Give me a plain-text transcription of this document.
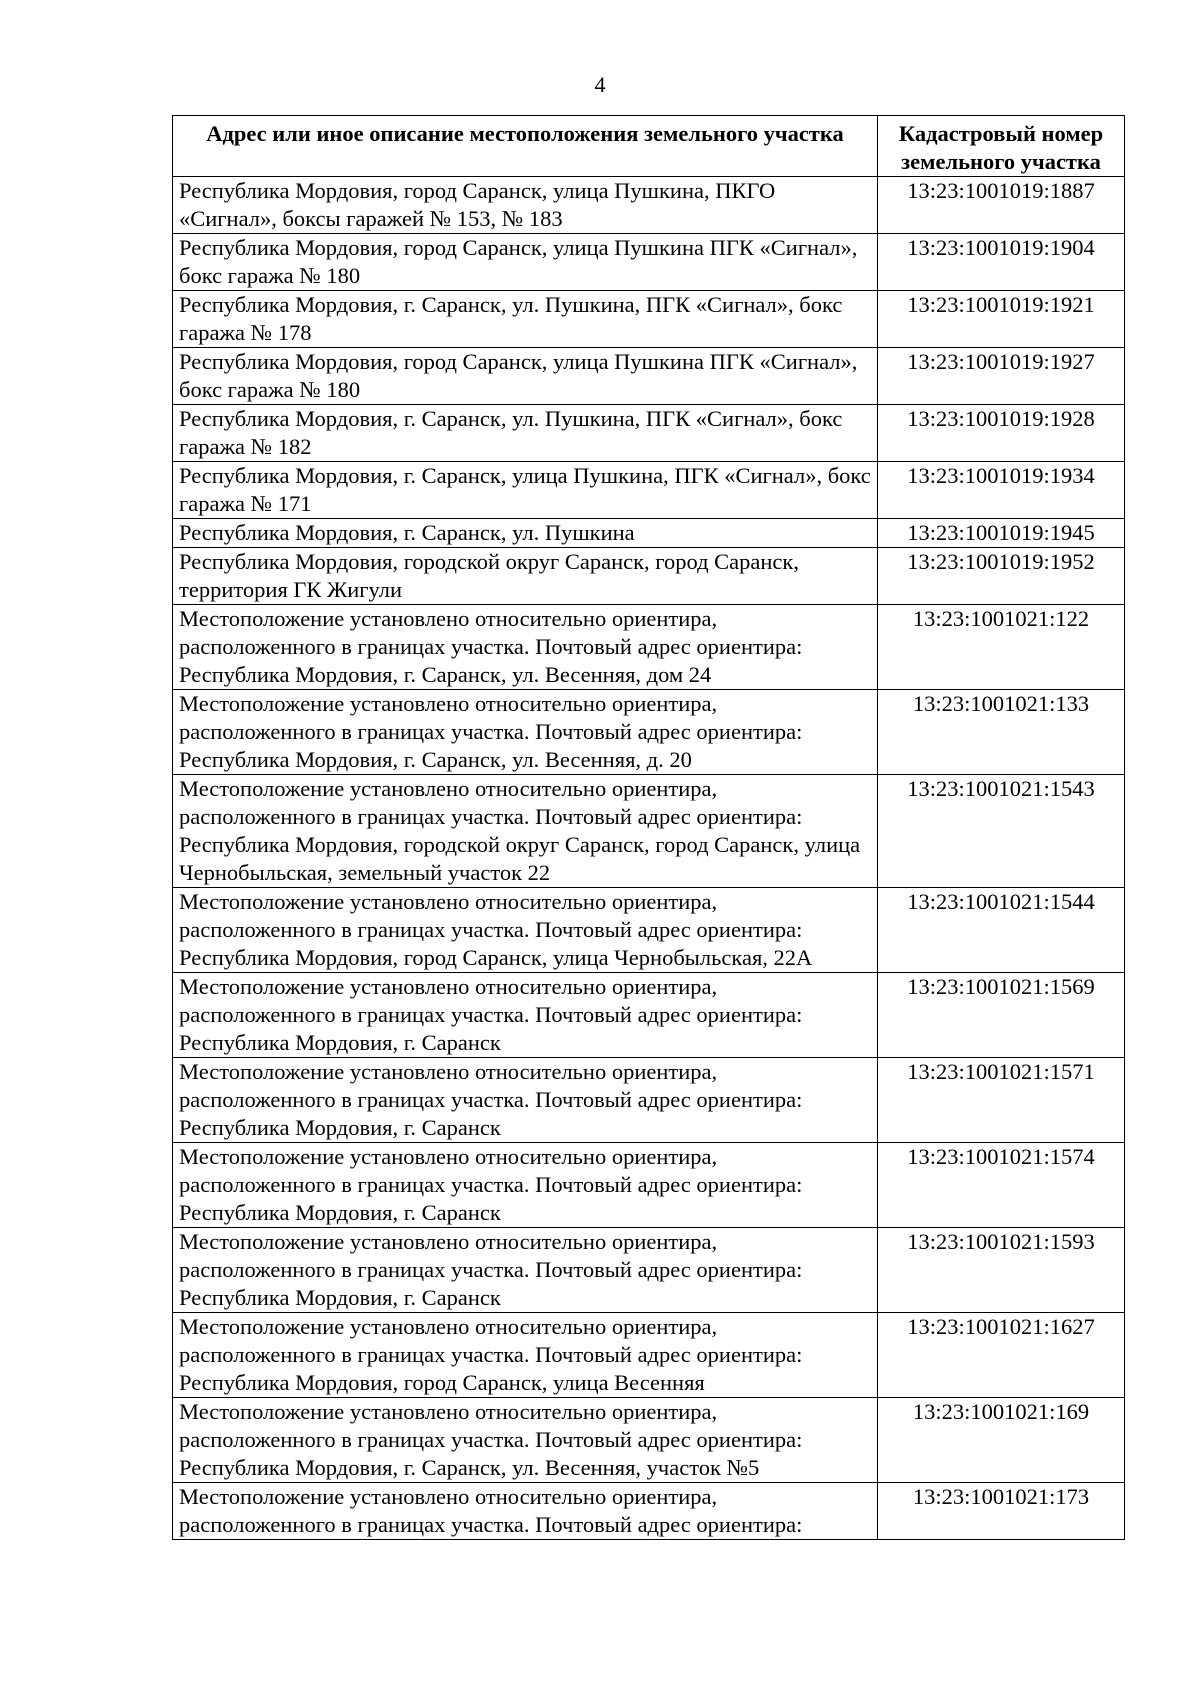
4
Адрес или иное описание местоположения земельного участка	Кадастровый номер земельного участка
Республика Мордовия, город Саранск, улица Пушкина, ПКГО «Сигнал», боксы гаражей № 153, № 183	13:23:1001019:1887
Республика Мордовия, город Саранск, улица Пушкина ПГК «Сигнал», бокс гаража № 180	13:23:1001019:1904
Республика Мордовия, г. Саранск, ул. Пушкина, ПГК «Сигнал», бокс гаража № 178	13:23:1001019:1921
Республика Мордовия, город Саранск, улица Пушкина ПГК «Сигнал», бокс гаража № 180	13:23:1001019:1927
Республика Мордовия, г. Саранск, ул. Пушкина, ПГК «Сигнал», бокс гаража № 182	13:23:1001019:1928
Республика Мордовия, г. Саранск, улица Пушкина, ПГК «Сигнал», бокс гаража № 171	13:23:1001019:1934
Республика Мордовия, г. Саранск, ул. Пушкина	13:23:1001019:1945
Республика Мордовия, городской округ Саранск, город Саранск, территория ГК Жигули	13:23:1001019:1952
Местоположение установлено относительно ориентира, расположенного в границах участка. Почтовый адрес ориентира: Республика Мордовия, г. Саранск, ул. Весенняя, дом 24	13:23:1001021:122
Местоположение установлено относительно ориентира, расположенного в границах участка. Почтовый адрес ориентира: Республика Мордовия, г. Саранск, ул. Весенняя, д. 20	13:23:1001021:133
Местоположение установлено относительно ориентира, расположенного в границах участка. Почтовый адрес ориентира: Республика Мордовия, городской округ Саранск, город Саранск, улица Чернобыльская, земельный участок 22	13:23:1001021:1543
Местоположение установлено относительно ориентира, расположенного в границах участка. Почтовый адрес ориентира: Республика Мордовия, город Саранск, улица Чернобыльская, 22А	13:23:1001021:1544
Местоположение установлено относительно ориентира, расположенного в границах участка. Почтовый адрес ориентира: Республика Мордовия, г. Саранск	13:23:1001021:1569
Местоположение установлено относительно ориентира, расположенного в границах участка. Почтовый адрес ориентира: Республика Мордовия, г. Саранск	13:23:1001021:1571
Местоположение установлено относительно ориентира, расположенного в границах участка. Почтовый адрес ориентира: Республика Мордовия, г. Саранск	13:23:1001021:1574
Местоположение установлено относительно ориентира, расположенного в границах участка. Почтовый адрес ориентира: Республика Мордовия, г. Саранск	13:23:1001021:1593
Местоположение установлено относительно ориентира, расположенного в границах участка. Почтовый адрес ориентира: Республика Мордовия, город Саранск, улица Весенняя	13:23:1001021:1627
Местоположение установлено относительно ориентира, расположенного в границах участка. Почтовый адрес ориентира: Республика Мордовия, г. Саранск, ул. Весенняя, участок №5	13:23:1001021:169
Местоположение установлено относительно ориентира, расположенного в границах участка. Почтовый адрес ориентира:	13:23:1001021:173
